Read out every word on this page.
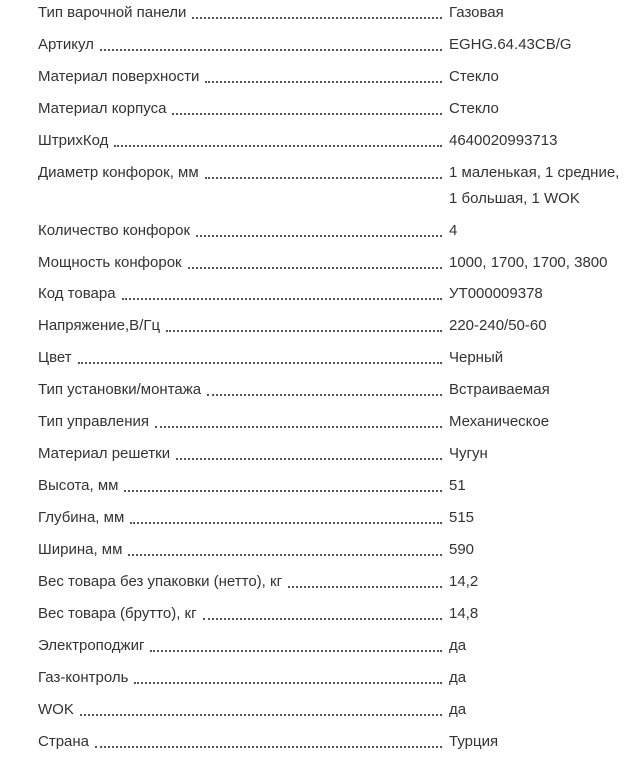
Тип варочной панели	Газовая
Артикул	EGHG.64.43CB/G
Материал поверхности	Стекло
Материал корпуса	Стекло
ШтрихКод	4640020993713
Диаметр конфорок, мм	1 маленькая, 1 средние,
1 большая, 1 WOK
Количество конфорок	4
Мощность конфорок	1000, 1700, 1700, 3800
Код товара	УТ000009378
Напряжение,В/Гц	220-240/50-60
Цвет	Черный
Тип установки/монтажа	Встраиваемая
Тип управления	Механическое
Материал решетки	Чугун
Высота, мм	51
Глубина, мм	515
Ширина, мм	590
Вес товара без упаковки (нетто), кг	14,2
Вес товара (брутто), кг	14,8
Электроподжиг	да
Газ-контроль	да
WOK	да
Страна	Турция
